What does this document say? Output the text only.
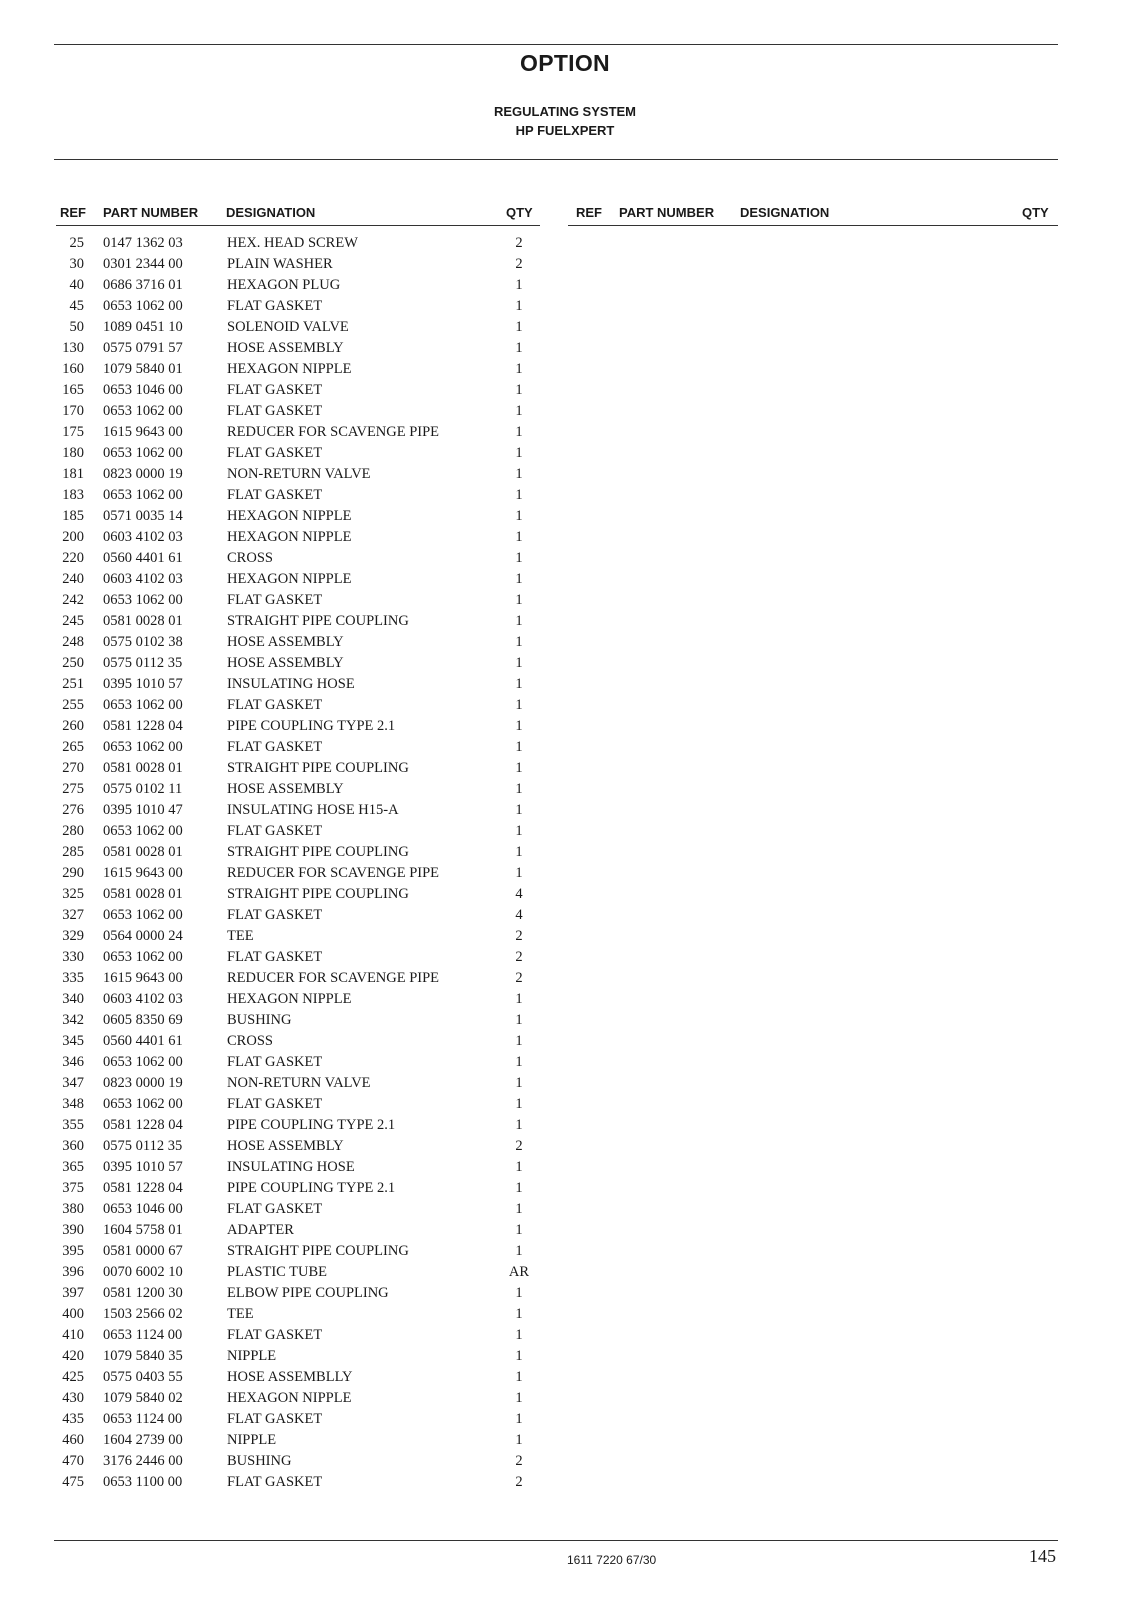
OPTION
REGULATING SYSTEM
HP FUELXPERT
REF PART NUMBER DESIGNATION	QTY	REF PART NUMBER DESIGNATION	QTY
25 0147 1362 03	HEX. HEAD SCREW	2
30 0301 2344 00	PLAIN WASHER	2
40 0686 3716 01	HEXAGON PLUG	1
45 0653 1062 00	FLAT GASKET	1
50 1089 0451 10	SOLENOID VALVE	1
130 0575 0791 57	HOSE ASSEMBLY	1
160 1079 5840 01	HEXAGON NIPPLE	1
165 0653 1046 00	FLAT GASKET	1
170 0653 1062 00	FLAT GASKET	1
175 1615 9643 00	REDUCER FOR SCAVENGE PIPE	1
180 0653 1062 00	FLAT GASKET	1
181 0823 0000 19	NON-RETURN VALVE	1
183 0653 1062 00	FLAT GASKET	1
185 0571 0035 14	HEXAGON NIPPLE	1
200 0603 4102 03	HEXAGON NIPPLE	1
220 0560 4401 61	CROSS	1
240 0603 4102 03	HEXAGON NIPPLE	1
242 0653 1062 00	FLAT GASKET	1
245 0581 0028 01	STRAIGHT PIPE COUPLING	1
248 0575 0102 38	HOSE ASSEMBLY	1
250 0575 0112 35	HOSE ASSEMBLY	1
251 0395 1010 57	INSULATING HOSE	1
255 0653 1062 00	FLAT GASKET	1
260 0581 1228 04	PIPE COUPLING TYPE 2.1	1
265 0653 1062 00	FLAT GASKET	1
270 0581 0028 01	STRAIGHT PIPE COUPLING	1
275 0575 0102 11	HOSE ASSEMBLY	1
276 0395 1010 47	INSULATING HOSE H15-A	1
280 0653 1062 00	FLAT GASKET	1
285 0581 0028 01	STRAIGHT PIPE COUPLING	1
290 1615 9643 00	REDUCER FOR SCAVENGE PIPE	1
325 0581 0028 01	STRAIGHT PIPE COUPLING	4
327 0653 1062 00	FLAT GASKET	4
329 0564 0000 24	TEE	2
330 0653 1062 00	FLAT GASKET	2
335 1615 9643 00	REDUCER FOR SCAVENGE PIPE	2
340 0603 4102 03	HEXAGON NIPPLE	1
342 0605 8350 69	BUSHING	1
345 0560 4401 61	CROSS	1
346 0653 1062 00	FLAT GASKET	1
347 0823 0000 19	NON-RETURN VALVE	1
348 0653 1062 00	FLAT GASKET	1
355 0581 1228 04	PIPE COUPLING TYPE 2.1	1
360 0575 0112 35	HOSE ASSEMBLY	2
365 0395 1010 57	INSULATING HOSE	1
375 0581 1228 04	PIPE COUPLING TYPE 2.1	1
380 0653 1046 00	FLAT GASKET	1
390 1604 5758 01	ADAPTER	1
395 0581 0000 67	STRAIGHT PIPE COUPLING	1
396 0070 6002 10	PLASTIC TUBE	AR
397 0581 1200 30	ELBOW PIPE COUPLING	1
400 1503 2566 02	TEE	1
410 0653 1124 00	FLAT GASKET	1
420 1079 5840 35	NIPPLE	1
425 0575 0403 55	HOSE ASSEMBLLY	1
430 1079 5840 02	HEXAGON NIPPLE	1
435 0653 1124 00	FLAT GASKET	1
460 1604 2739 00	NIPPLE	1
470 3176 2446 00	BUSHING	2
475 0653 1100 00	FLAT GASKET	2
1611 7220 67/30	145
